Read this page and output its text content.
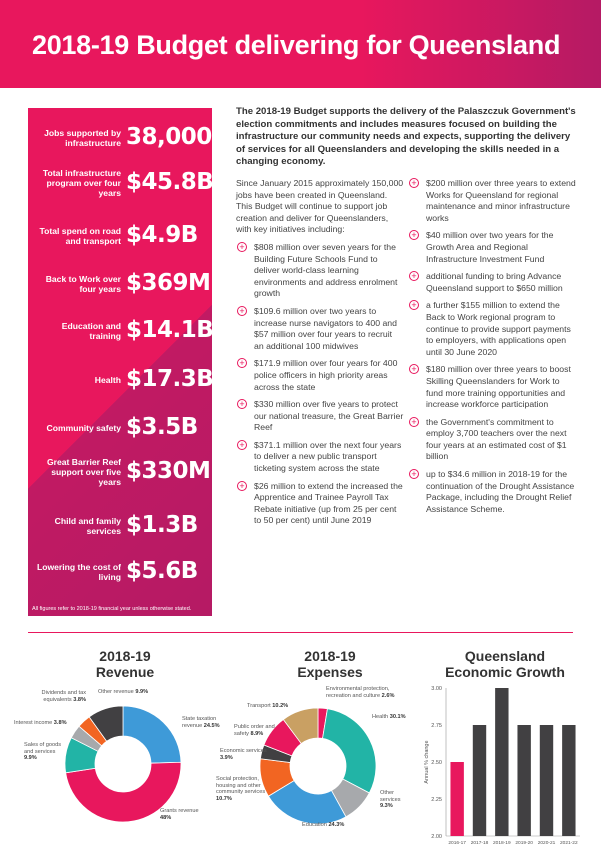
2018-19 Budget delivering for Queensland
Jobs supported by infrastructure 38,000
Total infrastructure program over four years $45.8B
Total spend on road and transport $4.9B
Back to Work over four years $369M
Education and training $14.1B
Health $17.3B
Community safety $3.5B
Great Barrier Reef support over five years $330M
Child and family services $1.3B
Lowering the cost of living $5.6B
All figures refer to 2018-19 financial year unless otherwise stated.
The 2018-19 Budget supports the delivery of the Palaszczuk Government's election commitments and includes measures focused on building the infrastructure our community needs and expects, supporting the delivery of services for all Queenslanders and developing the skills needed in a changing economy.
Since January 2015 approximately 150,000 jobs have been created in Queensland. This Budget will continue to support job creation and deliver for Queenslanders, with key initiatives including:
+ $808 million over seven years for the Building Future Schools Fund to deliver world-class learning environments and address enrolment growth
+ $109.6 million over two years to increase nurse navigators to 400 and $57 million over four years to recruit an additional 100 midwives
+ $171.9 million over four years for 400 police officers in high priority areas across the state
+ $330 million over five years to protect our national treasure, the Great Barrier Reef
+ $371.1 million over the next four years to deliver a new public transport ticketing system across the state
+ $26 million to extend the increased the Apprentice and Trainee Payroll Tax Rebate initiative (up from 25 per cent to 50 per cent) until June 2019
+ $200 million over three years to extend Works for Queensland for regional maintenance and minor infrastructure works
+ $40 million over two years for the Growth Area and Regional Infrastructure Investment Fund
+ additional funding to bring Advance Queensland support to $650 million
+ a further $155 million to extend the Back to Work regional program to continue to provide support payments to employers, with applications open until 30 June 2020
+ $180 million over three years to boost Skilling Queenslanders for Work to fund more training opportunities and increase workforce participation
+ the Government's commitment to employ 3,700 teachers over the next four years at an estimated cost of $1 billion
+ up to $34.6 million in 2018-19 for the continuation of the Drought Assistance Package, including the Drought Relief Assistance Scheme.
2018-19
Revenue
2018-19
Expenses
Queensland
Economic Growth
2.00
2.25
2.50
2.75
3.00
Annual % change
2016-17 2017-18 2018-19 2019-20 2020-21 2021-22
State taxation revenue 24.5%
Grants revenue 48%
Sales of goods and services 9.9%
Interest income 3.8%
Dividends and tax equivalents 3.8%
Other revenue 9.9%	Environmental protection, recreation and culture 2.6%
Health 30.1%
Other services 9.3%
Education 24.3%
Social protection, housing and other community services 10.7%
Economic services 3.9%
Public order and safety 8.9%
Transport 10.2%
